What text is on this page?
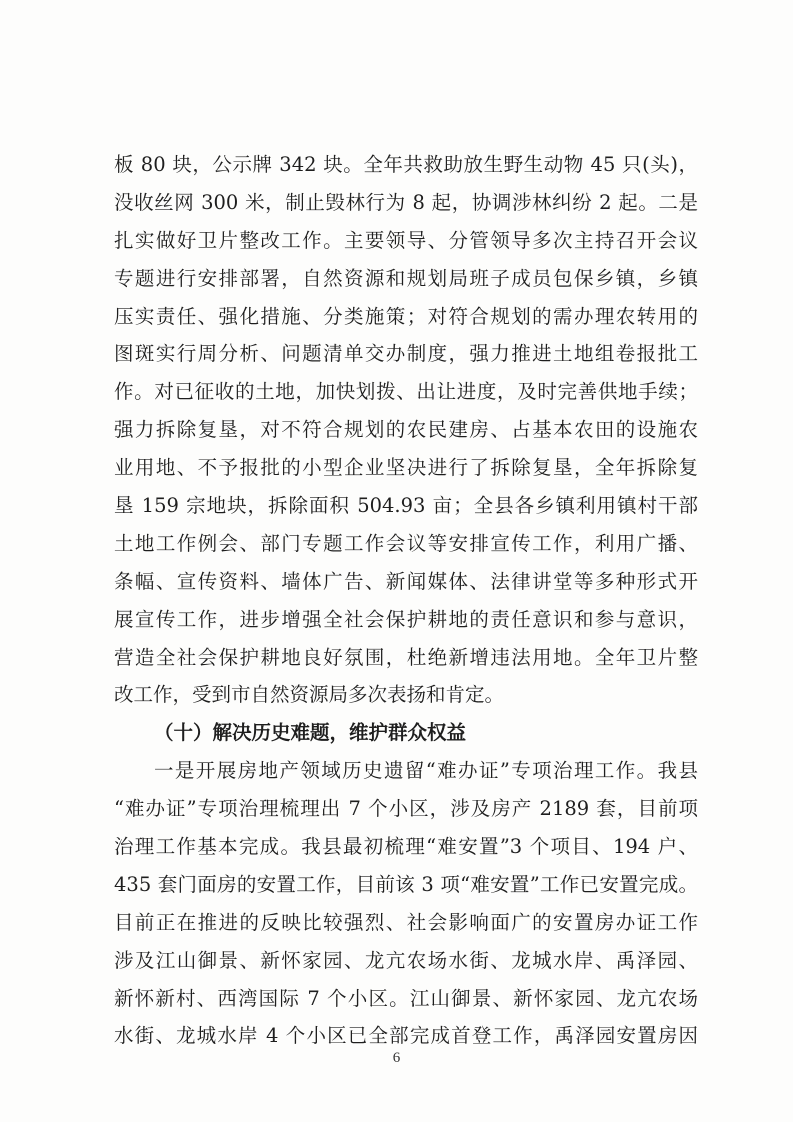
板 80 块，公示牌 342 块。全年共救助放生野生动物 45 只(头)，
没收丝网 300 米，制止毁林行为 8 起，协调涉林纠纷 2 起。二是
扎实做好卫片整改工作。主要领导、分管领导多次主持召开会议
专题进行安排部署，自然资源和规划局班子成员包保乡镇，乡镇
压实责任、强化措施、分类施策；对符合规划的需办理农转用的
图斑实行周分析、问题清单交办制度，强力推进土地组卷报批工
作。对已征收的土地，加快划拨、出让进度，及时完善供地手续；
强力拆除复垦，对不符合规划的农民建房、占基本农田的设施农
业用地、不予报批的小型企业坚决进行了拆除复垦，全年拆除复
垦 159 宗地块，拆除面积 504.93 亩；全县各乡镇利用镇村干部
土地工作例会、部门专题工作会议等安排宣传工作，利用广播、
条幅、宣传资料、墙体广告、新闻媒体、法律讲堂等多种形式开
展宣传工作，进步增强全社会保护耕地的责任意识和参与意识，
营造全社会保护耕地良好氛围，杜绝新增违法用地。全年卫片整
改工作，受到市自然资源局多次表扬和肯定。
（十）解决历史难题，维护群众权益
一是开展房地产领域历史遗留“难办证”专项治理工作。我县
“难办证”专项治理梳理出 7 个小区，涉及房产 2189 套，目前项
治理工作基本完成。我县最初梳理“难安置”3 个项目、194 户、
435 套门面房的安置工作，目前该 3 项“难安置”工作已安置完成。
目前正在推进的反映比较强烈、社会影响面广的安置房办证工作
涉及江山御景、新怀家园、龙亢农场水街、龙城水岸、禹泽园、
新怀新村、西湾国际 7 个小区。江山御景、新怀家园、龙亢农场
水街、龙城水岸 4 个小区已全部完成首登工作，禹泽园安置房因
6
